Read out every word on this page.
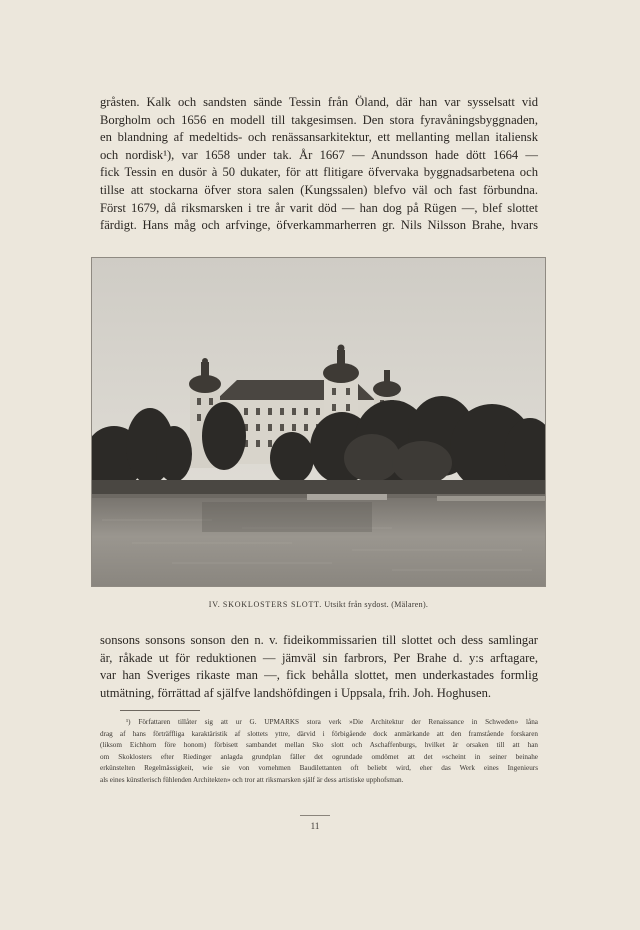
gråsten. Kalk och sandsten sände Tessin från Öland, där han var sysselsatt vid
Borgholm och 1656 en modell till takgesimsen. Den stora fyravåningsbyggnaden,
en blandning af medeltids- och renässansarkitektur, ett mellanting mellan italiensk
och nordisk¹), var 1658 under tak. År 1667 — Anundsson hade dött 1664 —
fick Tessin en dusör à 50 dukater, för att flitigare öfvervaka byggnadsarbetena och
tillse att stockarna öfver stora salen (Kungssalen) blefvo väl och fast förbundna.
Först 1679, då riksmarsken i tre år varit död — han dog på Rügen —, blef slottet
färdigt. Hans måg och arfvinge, öfverkammarherren gr. Nils Nilsson Brahe, hvars

IV. SKOKLOSTERS SLOTT. Utsikt från sydost. (Mälaren).

sonsons sonsons sonson den n. v. fideikommissarien till slottet och dess samlingar
är, råkade ut för reduktionen — jämväl sin farbrors, Per Brahe d. y:s arftagare,
var han Sveriges rikaste man —, fick behålla slottet, men underkastades formlig
utmätning, förrättad af själfve landshöfdingen i Uppsala, frih. Joh. Hoghusen.

¹) Författaren tillåter sig att ur G. UPMARKS stora verk »Die Architektur der Renaissance in Schweden» låna
drag af hans förträffliga karaktäristik af slottets yttre, därvid i förbigående dock anmärkande att den framstående forskaren
(liksom Eichhorn före honom) förbisett sambandet mellan Sko slott och Aschaffenburgs, hvilket är orsaken till att han
om Skoklosters efter Riedinger anlagda grundplan fäller det ogrundade omdömet att det »scheint in seiner beinahe
erkünstelten Regelmässigkeit, wie sie von vornehmen Baudilettanten oft beliebt wird, eher das Werk eines Ingenieurs
als eines künstlerisch fühlenden Architekten» och tror att riksmarsken själf är dess artistiske upphofsman.
11
